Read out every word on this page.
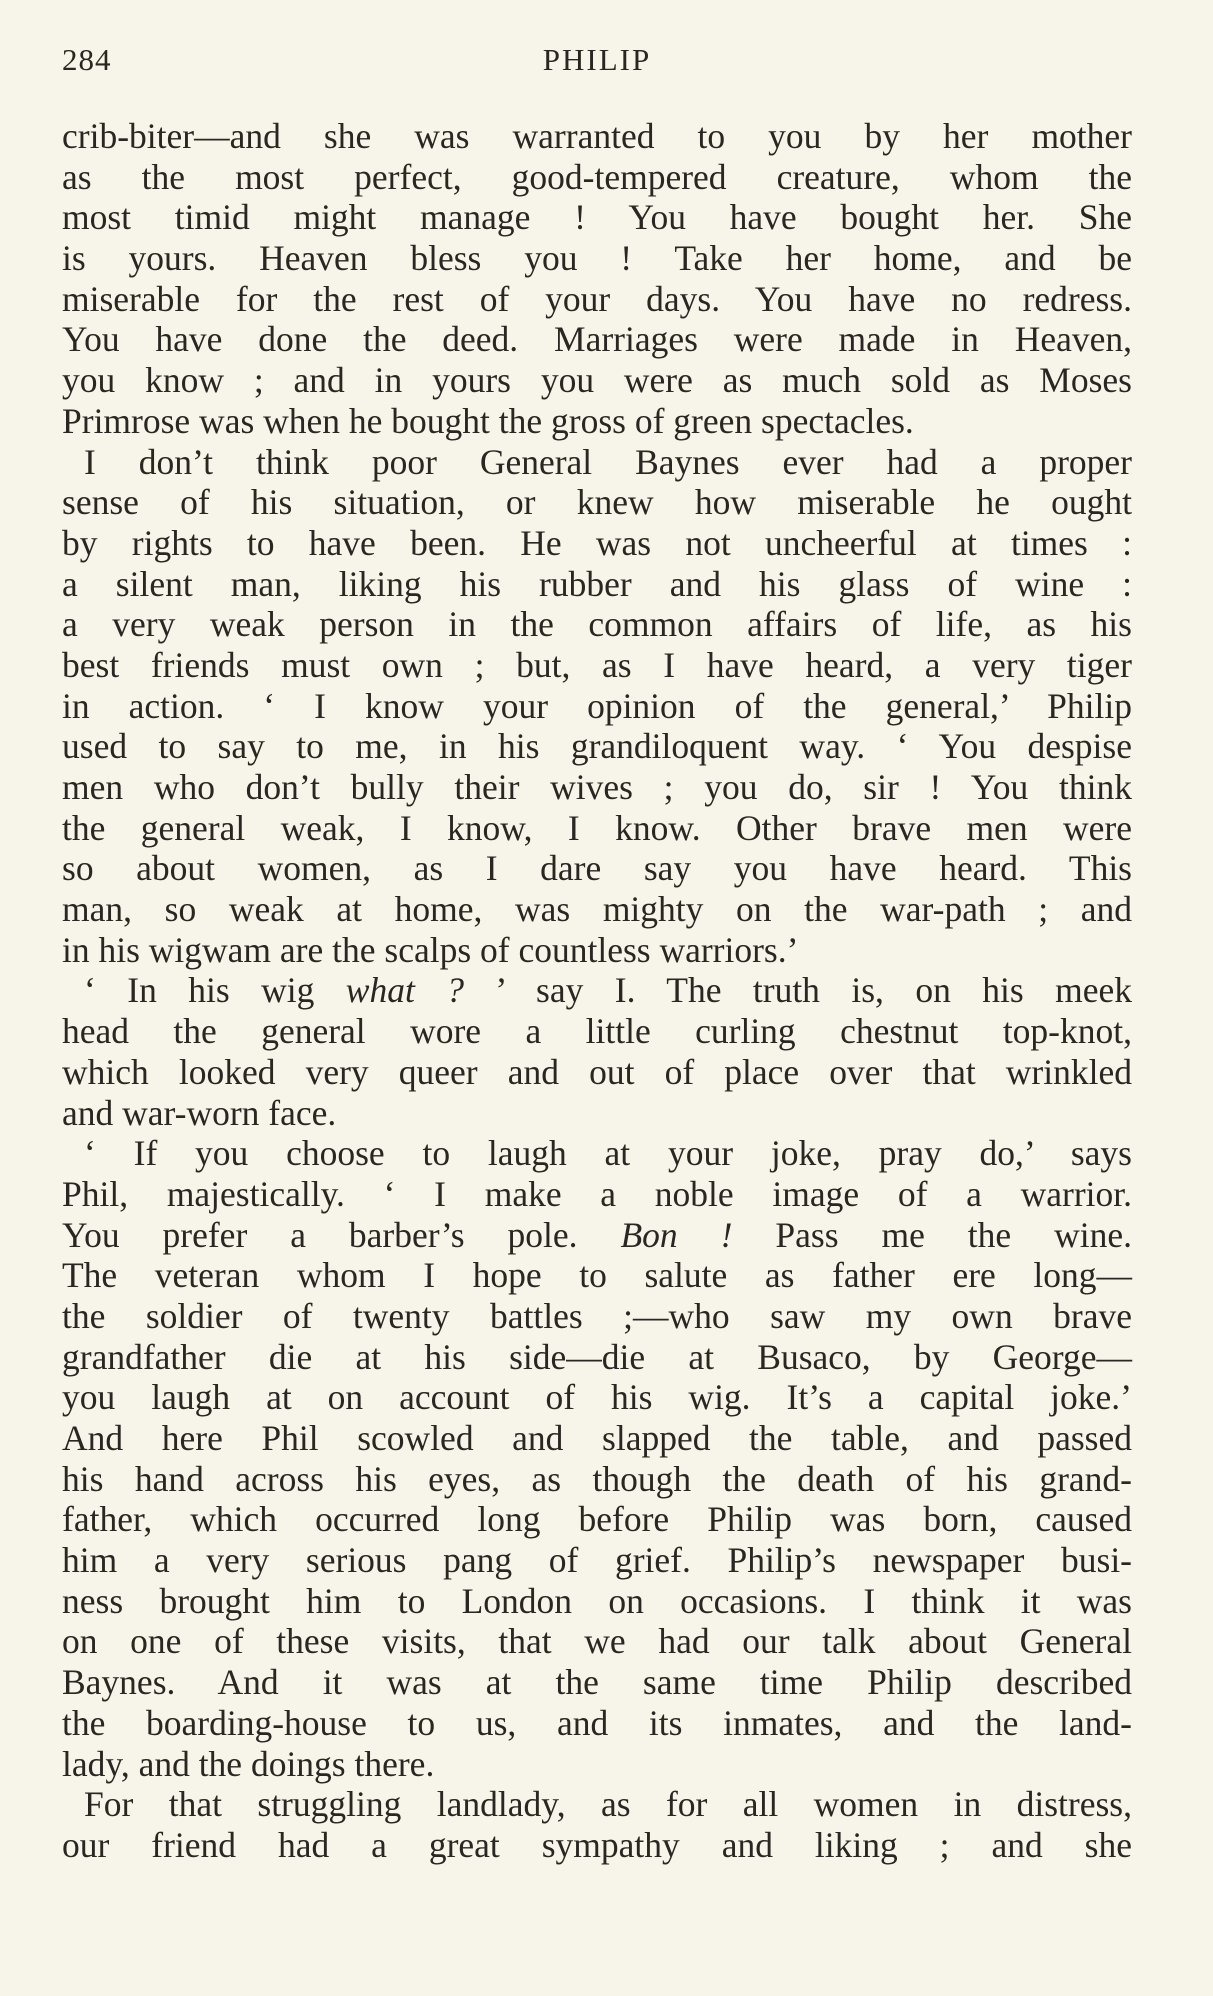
284	PHILIP
crib-biter—and she was warranted to you by her mother
as the most perfect, good-tempered creature, whom the
most timid might manage ! You have bought her. She
is yours. Heaven bless you ! Take her home, and be
miserable for the rest of your days. You have no redress.
You have done the deed. Marriages were made in Heaven,
you know ; and in yours you were as much sold as Moses
Primrose was when he bought the gross of green spectacles.
I don’t think poor General Baynes ever had a proper
sense of his situation, or knew how miserable he ought
by rights to have been. He was not uncheerful at times :
a silent man, liking his rubber and his glass of wine :
a very weak person in the common affairs of life, as his
best friends must own ; but, as I have heard, a very tiger
in action. ‘ I know your opinion of the general,’ Philip
used to say to me, in his grandiloquent way. ‘ You despise
men who don’t bully their wives ; you do, sir ! You think
the general weak, I know, I know. Other brave men were
so about women, as I dare say you have heard. This
man, so weak at home, was mighty on the war-path ; and
in his wigwam are the scalps of countless warriors.’
‘ In his wig what ? ’ say I. The truth is, on his meek
head the general wore a little curling chestnut top-knot,
which looked very queer and out of place over that wrinkled
and war-worn face.
‘ If you choose to laugh at your joke, pray do,’ says
Phil, majestically. ‘ I make a noble image of a warrior.
You prefer a barber’s pole. Bon ! Pass me the wine.
The veteran whom I hope to salute as father ere long—
the soldier of twenty battles ;—who saw my own brave
grandfather die at his side—die at Busaco, by George—
you laugh at on account of his wig. It’s a capital joke.’
And here Phil scowled and slapped the table, and passed
his hand across his eyes, as though the death of his grand-
father, which occurred long before Philip was born, caused
him a very serious pang of grief. Philip’s newspaper busi-
ness brought him to London on occasions. I think it was
on one of these visits, that we had our talk about General
Baynes. And it was at the same time Philip described
the boarding-house to us, and its inmates, and the land-
lady, and the doings there.
For that struggling landlady, as for all women in distress,
our friend had a great sympathy and liking ; and she
